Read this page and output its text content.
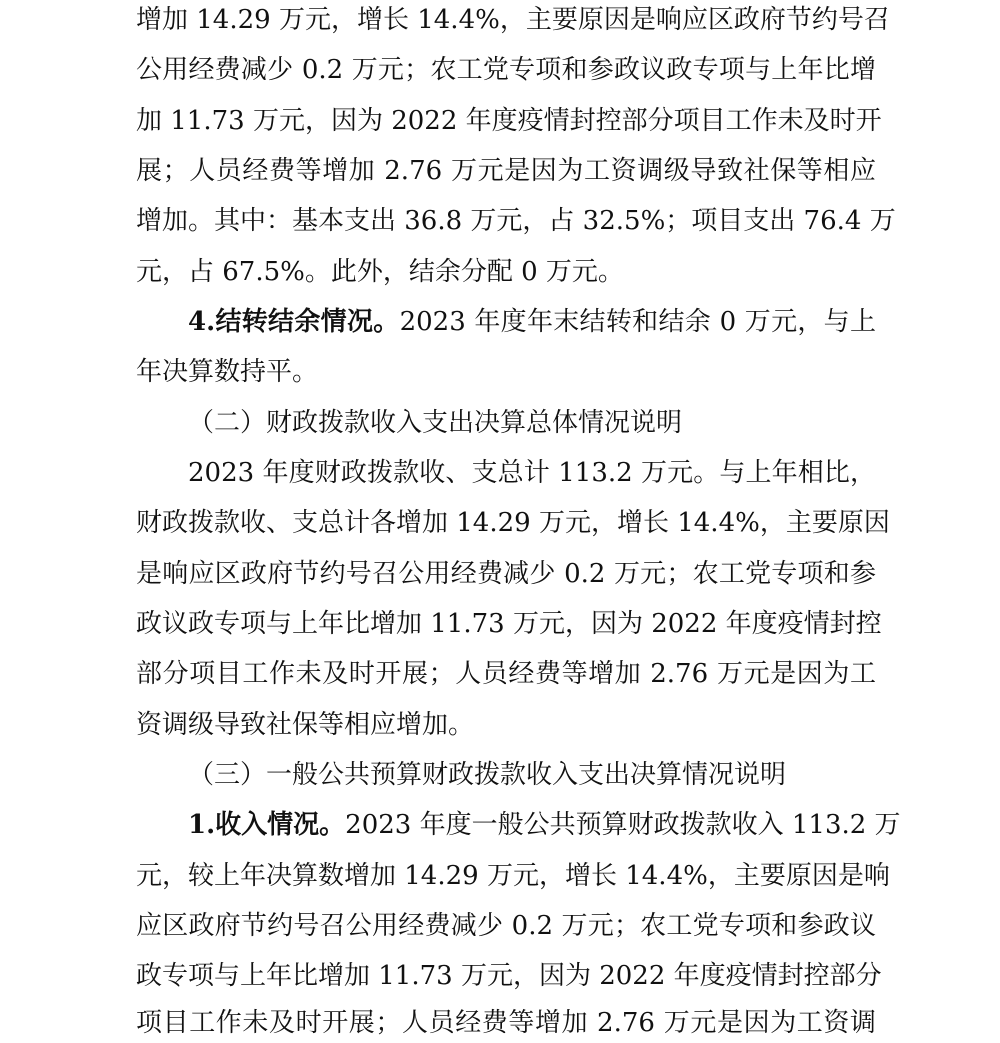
增加 14.29 万元，增长 14.4%，主要原因是响应区政府节约号召
公用经费减少 0.2 万元；农工党专项和参政议政专项与上年比增
加 11.73 万元，因为 2022 年度疫情封控部分项目工作未及时开
展；人员经费等增加 2.76 万元是因为工资调级导致社保等相应
增加。其中：基本支出 36.8 万元，占 32.5%；项目支出 76.4 万
元，占 67.5%。此外，结余分配 0 万元。
4.结转结余情况。2023 年度年末结转和结余 0 万元，与上
年决算数持平。
（二）财政拨款收入支出决算总体情况说明
2023 年度财政拨款收、支总计 113.2 万元。与上年相比，
财政拨款收、支总计各增加 14.29 万元，增长 14.4%，主要原因
是响应区政府节约号召公用经费减少 0.2 万元；农工党专项和参
政议政专项与上年比增加 11.73 万元，因为 2022 年度疫情封控
部分项目工作未及时开展；人员经费等增加 2.76 万元是因为工
资调级导致社保等相应增加。
（三）一般公共预算财政拨款收入支出决算情况说明
1.收入情况。2023 年度一般公共预算财政拨款收入 113.2 万
元，较上年决算数增加 14.29 万元，增长 14.4%，主要原因是响
应区政府节约号召公用经费减少 0.2 万元；农工党专项和参政议
政专项与上年比增加 11.73 万元，因为 2022 年度疫情封控部分
项目工作未及时开展；人员经费等增加 2.76 万元是因为工资调
